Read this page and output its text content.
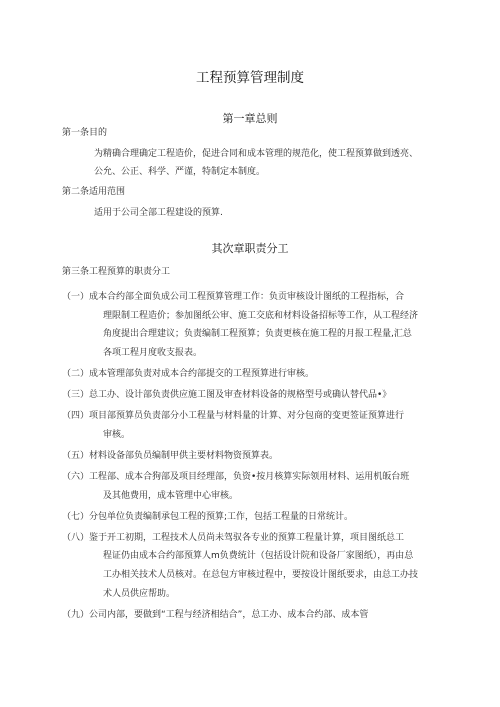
工程预算管理制度
第一章总则
第一条目的
为精确合理确定工程造价，促进合同和成本管理的规范化，使工程预算做到透亮、
公允、公正、科学、严谨，特制定本制度。
第二条适用范围
适用于公司全部工程建设的预算.
其次章职责分工
第三条工程预算的职责分工
（一）成本合约部全面负成公司工程预算管理工作：负贡审核设计图纸的工程指标，合
理限制工程造价；参加图纸公审、施工交底和材料设备招标等工作，从工程经济
角度提出合理建议；负责编制工程预算；负责更核在施工程的月报工程量,汇总
各项工程月度收支报表。
（二）成本管理部负责对成本合约部提交的工程预算进行审核。
（三）总工办、设计部负责供应施工图及审查材料设备的规格型号或确认替代品•》
（四）项目部预算员负责部分小工程量与材料量的计算、对分包商的变更签证预算进行
审核。
（五）材料设备部负员编制甲供主要材料物资预算表。
（六）工程部、成本合狗部及项目经理部，负资•按月核算实际领用材料、运用机皈台班
及其他费用，成本管理中心审核。
（七）分包单位负责编制承包工程的预算;工作，包括工程量的日常统计。
（八）鉴于开工初期，工程技术人员尚未驾驭各专业的预算工程量计算，项目图纸总工
程证仍由成本合约部预算人m负费统计（包括设计院和设备厂家图纸），再由总
工办相关技术人员核对。在总包方审核过程中，要按设计图纸要求，由总工办技
术人员供应帮助。
（九）公司内部，要做到“工程与经济相结合”，总工办、成本合约部、成本管
